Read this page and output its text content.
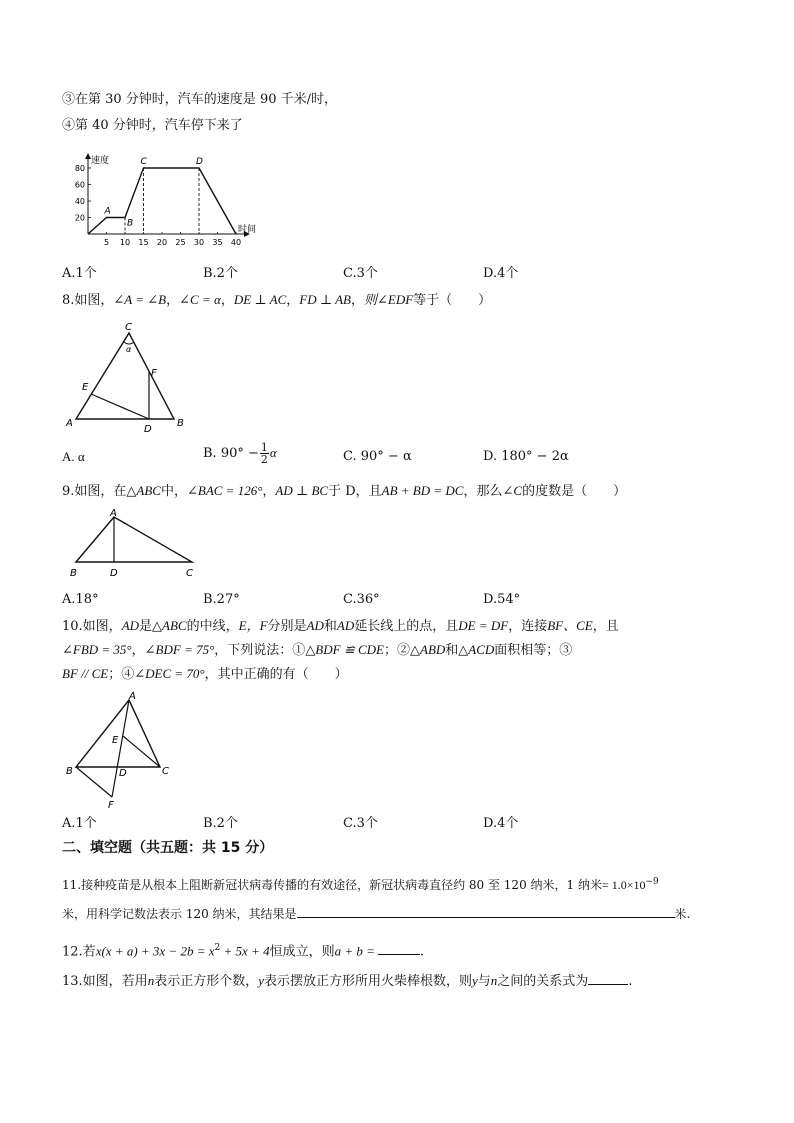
③在第 30 分钟时，汽车的速度是 90 千米/时，
④第 40 分钟时，汽车停下来了
速度
时间
5 10 15 20 25 30 35 40
20
40
60
80
A
B
C	D
A.1个	B.2个	C.3个	D.4个
8.如图，∠A = ∠B，∠C = α，DE ⊥ AC，FD ⊥ AB，则∠EDF等于（　　）
C
α
A	B
D
E
F
A. α	B. $90^\circ - \frac{1}{2}$ α	C. 90° − α	D. 180° − 2α
9.如图，在△ABC中，∠BAC = 126°，AD ⊥ BC于 D，且AB + BD = DC，那么∠C的度数是（　　）
A
B	D	C
A.18°	B.27°	C.36°	D.54°
10.如图，AD是△ABC的中线，E，F分别是AD和AD延长线上的点，且DE = DF，连接BF、CE，且
∠FBD = 35°，∠BDF = 75°，下列说法：①△BDF ≌ CDE；②△ABD和△ACD面积相等；③
BF // CE；④∠DEC = 70°，其中正确的有（　　）
A
B	C
D
E
F
A.1个	B.2个	C.3个	D.4个
二、填空题（共五题：共 15 分）
11.接种疫苗是从根本上阻断新冠状病毒传播的有效途径，新冠状病毒直径约 80 至 120 纳米，1 纳米= $1.0\times 10^{-9}$
米，用科学记数法表示 120 纳米，其结果是	米.
12.若$x(x + a) + 3x - 2b = x^2 + 5x + 4$恒成立，则a + b =	.
13.如图，若用n表示正方形个数，y表示摆放正方形所用火柴棒根数，则y与n之间的关系式为	.
